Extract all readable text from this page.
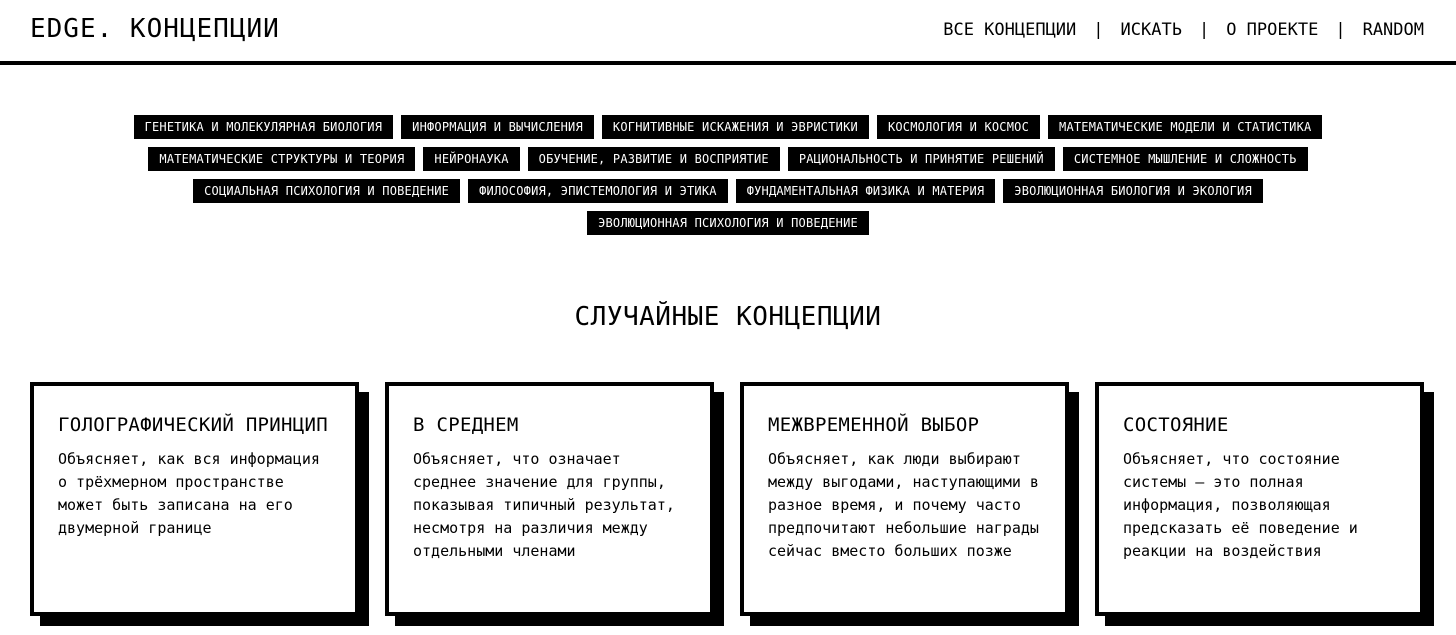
EDGE. КОНЦЕПЦИИ	ВСЕ КОНЦЕПЦИИ | ИСКАТЬ | О ПРОЕКТЕ | RANDOM
ГЕНЕТИКА И МОЛЕКУЛЯРНАЯ БИОЛОГИЯ	ИНФОРМАЦИЯ И ВЫЧИСЛЕНИЯ	КОГНИТИВНЫЕ ИСКАЖЕНИЯ И ЭВРИСТИКИ	КОСМОЛОГИЯ И КОСМОС	МАТЕМАТИЧЕСКИЕ МОДЕЛИ И СТАТИСТИКА
МАТЕМАТИЧЕСКИЕ СТРУКТУРЫ И ТЕОРИЯ	НЕЙРОНАУКА	ОБУЧЕНИЕ, РАЗВИТИЕ И ВОСПРИЯТИЕ	РАЦИОНАЛЬНОСТЬ И ПРИНЯТИЕ РЕШЕНИЙ	СИСТЕМНОЕ МЫШЛЕНИЕ И СЛОЖНОСТЬ
СОЦИАЛЬНАЯ ПСИХОЛОГИЯ И ПОВЕДЕНИЕ	ФИЛОСОФИЯ, ЭПИСТЕМОЛОГИЯ И ЭТИКА	ФУНДАМЕНТАЛЬНАЯ ФИЗИКА И МАТЕРИЯ	ЭВОЛЮЦИОННАЯ БИОЛОГИЯ И ЭКОЛОГИЯ
ЭВОЛЮЦИОННАЯ ПСИХОЛОГИЯ И ПОВЕДЕНИЕ
СЛУЧАЙНЫЕ КОНЦЕПЦИИ
ГОЛОГРАФИЧЕСКИЙ ПРИНЦИП
Объясняет, как вся информация о трёхмерном пространстве может быть записана на его двумерной границе
В СРЕДНЕМ
Объясняет, что означает среднее значение для группы, показывая типичный результат, несмотря на различия между отдельными членами
МЕЖВРЕМЕННОЙ ВЫБОР
Объясняет, как люди выбирают между выгодами, наступающими в разное время, и почему часто предпочитают небольшие награды сейчас вместо больших позже
СОСТОЯНИЕ
Объясняет, что состояние системы — это полная информация, позволяющая предсказать её поведение и реакции на воздействия
